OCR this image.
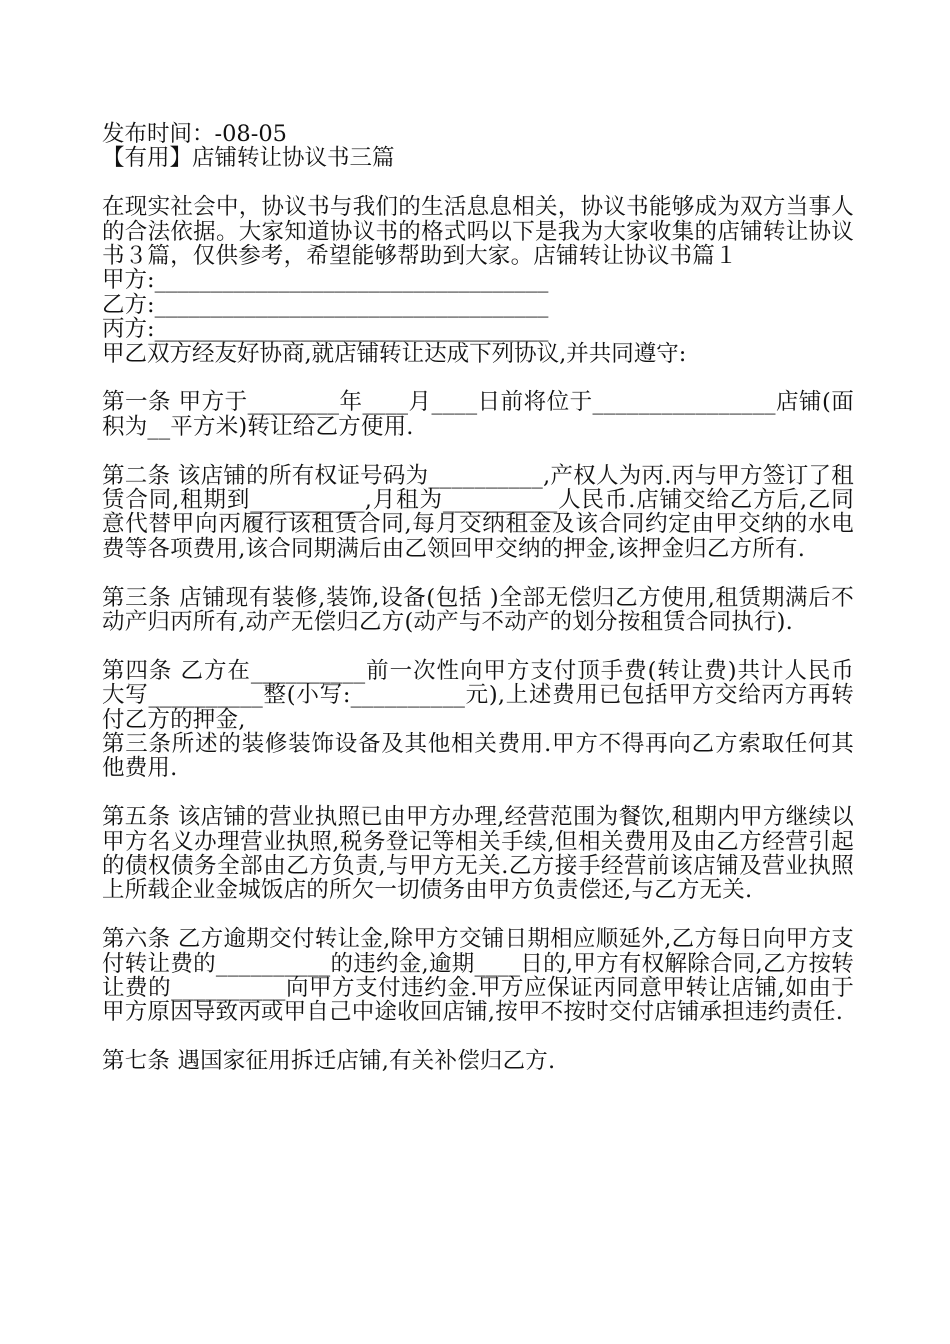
发布时间：-08-05
【有用】店铺转让协议书三篇
在现实社会中，协议书与我们的生活息息相关，协议书能够成为双方当事人的合法依据。大家知道协议书的格式吗以下是我为大家收集的店铺转让协议书３篇，仅供参考，希望能够帮助到大家。店铺转让协议书篇１
甲方:___________________________________
乙方:___________________________________
丙方:___________________________________
甲乙双方经友好协商,就店铺转让达成下列协议,并共同遵守:
第一条 甲方于________年____月____日前将位于________________店铺(面积为__平方米)转让给乙方使用.
第二条 该店铺的所有权证号码为__________,产权人为丙.丙与甲方签订了租赁合同,租期到__________,月租为__________人民币.店铺交给乙方后,乙同意代替甲向丙履行该租赁合同,每月交纳租金及该合同约定由甲交纳的水电费等各项费用,该合同期满后由乙领回甲交纳的押金,该押金归乙方所有.
第三条 店铺现有装修,装饰,设备(包括 )全部无偿归乙方使用,租赁期满后不动产归丙所有,动产无偿归乙方(动产与不动产的划分按租赁合同执行).
第四条 乙方在__________前一次性向甲方支付顶手费(转让费)共计人民币大写__________整(小写:__________元),上述费用已包括甲方交给丙方再转付乙方的押金,
第三条所述的装修装饰设备及其他相关费用.甲方不得再向乙方索取任何其他费用.
第五条 该店铺的营业执照已由甲方办理,经营范围为餐饮,租期内甲方继续以甲方名义办理营业执照,税务登记等相关手续,但相关费用及由乙方经营引起的债权债务全部由乙方负责,与甲方无关.乙方接手经营前该店铺及营业执照上所载企业金城饭店的所欠一切债务由甲方负责偿还,与乙方无关.
第六条 乙方逾期交付转让金,除甲方交铺日期相应顺延外,乙方每日向甲方支付转让费的__________的违约金,逾期____日的,甲方有权解除合同,乙方按转让费的__________向甲方支付违约金.甲方应保证丙同意甲转让店铺,如由于甲方原因导致丙或甲自己中途收回店铺,按甲不按时交付店铺承担违约责任.
第七条 遇国家征用拆迁店铺,有关补偿归乙方.
